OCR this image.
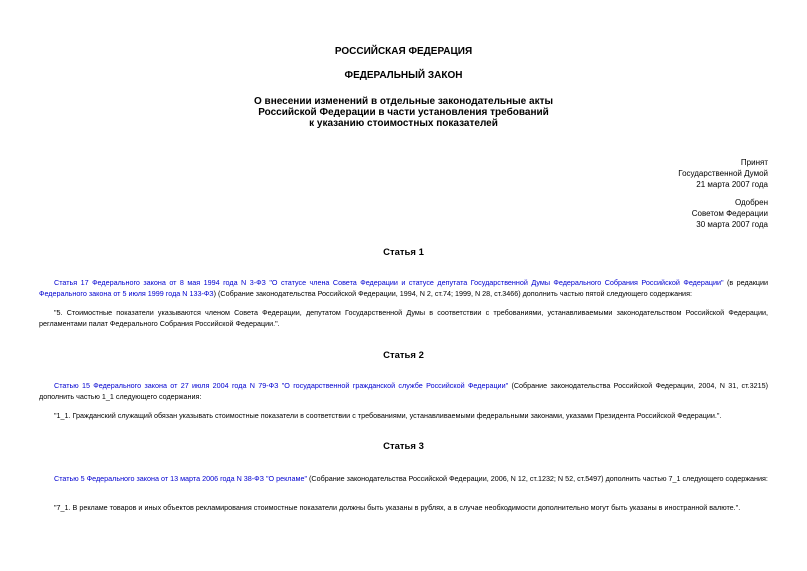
РОССИЙСКАЯ ФЕДЕРАЦИЯ
ФЕДЕРАЛЬНЫЙ ЗАКОН
О внесении изменений в отдельные законодательные акты
Российской Федерации в части установления требований
к указанию стоимостных показателей
Принят
Государственной Думой
21 марта 2007 года
Одобрен
Советом Федерации
30 марта 2007 года
Статья 1
Статья 17 Федерального закона от 8 мая 1994 года N 3-ФЗ "О статусе члена Совета Федерации и статусе депутата Государственной Думы Федерального Собрания Российской Федерации" (в редакции Федерального закона от 5 июля 1999 года N 133-ФЗ) (Собрание законодательства Российской Федерации, 1994, N 2, ст.74; 1999, N 28, ст.3466) дополнить частью пятой следующего содержания:
"5. Стоимостные показатели указываются членом Совета Федерации, депутатом Государственной Думы в соответствии с требованиями, устанавливаемыми законодательством Российской Федерации, регламентами палат Федерального Собрания Российской Федерации.".
Статья 2
Статью 15 Федерального закона от 27 июля 2004 года N 79-ФЗ "О государственной гражданской службе Российской Федерации" (Собрание законодательства Российской Федерации, 2004, N 31, ст.3215) дополнить частью 1_1 следующего содержания:
"1_1. Гражданский служащий обязан указывать стоимостные показатели в соответствии с требованиями, устанавливаемыми федеральными законами, указами Президента Российской Федерации.".
Статья 3
Статью 5 Федерального закона от 13 марта 2006 года N 38-ФЗ "О рекламе" (Собрание законодательства Российской Федерации, 2006, N 12, ст.1232; N 52, ст.5497) дополнить частью 7_1 следующего содержания:
"7_1. В рекламе товаров и иных объектов рекламирования стоимостные показатели должны быть указаны в рублях, а в случае необходимости дополнительно могут быть указаны в иностранной валюте.".
